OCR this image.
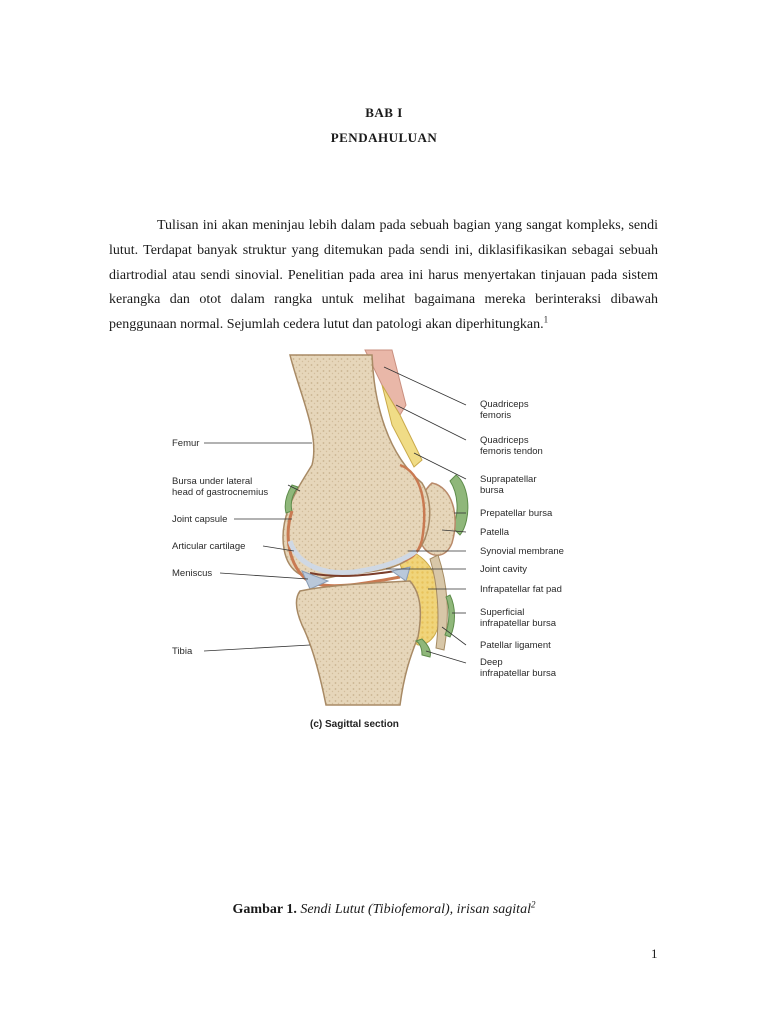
BAB I
PENDAHULUAN

Tulisan ini akan meninjau lebih dalam pada sebuah bagian yang sangat kompleks, sendi lutut. Terdapat banyak struktur yang ditemukan pada sendi ini, diklasifikasikan sebagai sebuah diartrodial atau sendi sinovial. Penelitian pada area ini harus menyertakan tinjauan pada sistem kerangka dan otot dalam rangka untuk melihat bagaimana mereka berinteraksi dibawah penggunaan normal. Sejumlah cedera lutut dan patologi akan diperhitungkan.$^1$

Femur
Bursa under lateral
head of gastrocnemius
Joint capsule
Articular cartilage
Meniscus
Tibia
Quadriceps
femoris
Quadriceps
femoris tendon
Suprapatellar
bursa
Prepatellar bursa
Patella
Synovial membrane
Joint cavity
Infrapatellar fat pad
Superficial
infrapatellar bursa
Patellar ligament
Deep
infrapatellar bursa
(c) Sagittal section
Gambar 1. Sendi Lutut (Tibiofemoral), irisan sagital$^2$
1
